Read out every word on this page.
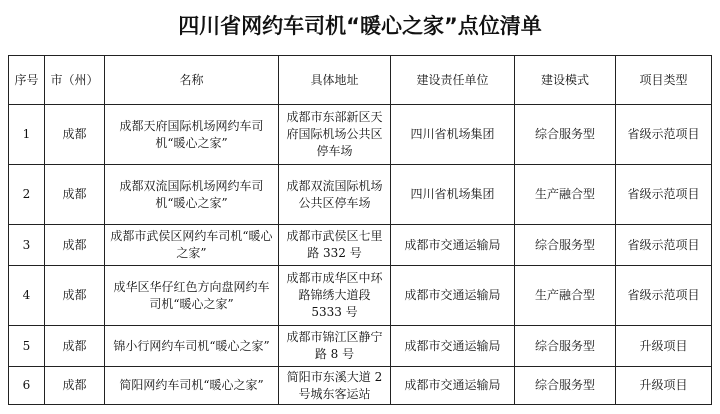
四川省网约车司机“暖心之家”点位清单
序号	市（州）	名称	具体地址	建设责任单位	建设模式	项目类型
1	成都	成都天府国际机场网约车司机“暖心之家”	成都市东部新区天府国际机场公共区停车场	四川省机场集团	综合服务型	省级示范项目
2	成都	成都双流国际机场网约车司机“暖心之家”	成都双流国际机场公共区停车场	四川省机场集团	生产融合型	省级示范项目
3	成都	成都市武侯区网约车司机“暖心之家”	成都市武侯区七里路 332 号	成都市交通运输局	综合服务型	省级示范项目
4	成都	成华区华仔红色方向盘网约车司机“暖心之家”	成都市成华区中环路锦绣大道段 5333 号	成都市交通运输局	生产融合型	省级示范项目
5	成都	锦小行网约车司机“暖心之家”	成都市锦江区静宁路 8 号	成都市交通运输局	综合服务型	升级项目
6	成都	简阳网约车司机“暖心之家”	简阳市东溪大道 2 号城东客运站	成都市交通运输局	综合服务型	升级项目
